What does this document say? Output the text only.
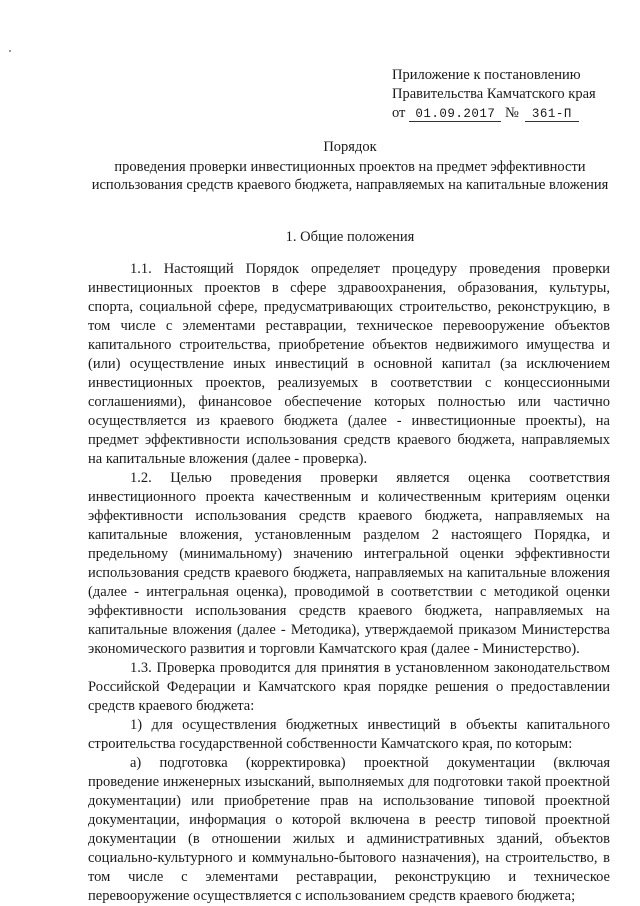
Приложение к постановлению
Правительства Камчатского края
от 01.09.2017 № 361-П
Порядок
проведения проверки инвестиционных проектов на предмет эффективности использования средств краевого бюджета, направляемых на капитальные вложения
1. Общие положения

1.1. Настоящий Порядок определяет процедуру проведения проверки инвестиционных проектов в сфере здравоохранения, образования, культуры, спорта, социальной сфере, предусматривающих строительство, реконструкцию, в том числе с элементами реставрации, техническое перевооружение объектов капитального строительства, приобретение объектов недвижимого имущества и (или) осуществление иных инвестиций в основной капитал (за исключением инвестиционных проектов, реализуемых в соответствии с концессионными соглашениями), финансовое обеспечение которых полностью или частично осуществляется из краевого бюджета (далее - инвестиционные проекты), на предмет эффективности использования средств краевого бюджета, направляемых на капитальные вложения (далее - проверка).

1.2. Целью проведения проверки является оценка соответствия инвестиционного проекта качественным и количественным критериям оценки эффективности использования средств краевого бюджета, направляемых на капитальные вложения, установленным разделом 2 настоящего Порядка, и предельному (минимальному) значению интегральной оценки эффективности использования средств краевого бюджета, направляемых на капитальные вложения (далее - интегральная оценка), проводимой в соответствии с методикой оценки эффективности использования средств краевого бюджета, направляемых на капитальные вложения (далее - Методика), утверждаемой приказом Министерства экономического развития и торговли Камчатского края (далее - Министерство).

1.3. Проверка проводится для принятия в установленном законодательством Российской Федерации и Камчатского края порядке решения о предоставлении средств краевого бюджета:

1) для осуществления бюджетных инвестиций в объекты капитального строительства государственной собственности Камчатского края, по которым:

а) подготовка (корректировка) проектной документации (включая проведение инженерных изысканий, выполняемых для подготовки такой проектной документации) или приобретение прав на использование типовой проектной документации, информация о которой включена в реестр типовой проектной документации (в отношении жилых и административных зданий, объектов социально-культурного и коммунально-бытового назначения), на строительство, в том числе с элементами реставрации, реконструкцию и техническое перевооружение осуществляется с использованием средств краевого бюджета;
